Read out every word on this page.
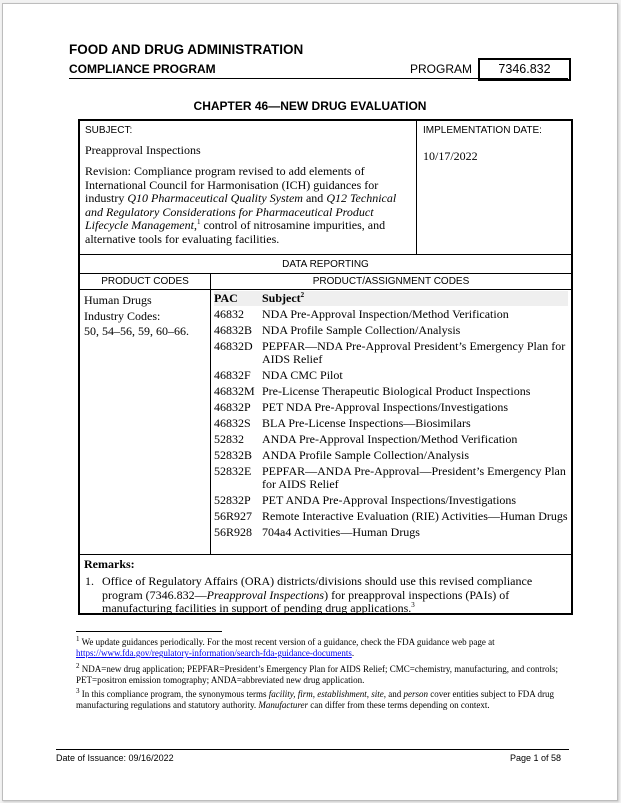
FOOD AND DRUG ADMINISTRATION
COMPLIANCE PROGRAM	PROGRAM	7346.832
CHAPTER 46—NEW DRUG EVALUATION
SUBJECT:
Preapproval Inspections
Revision: Compliance program revised to add elements of International Council for Harmonisation (ICH) guidances for industry Q10 Pharmaceutical Quality System and Q12 Technical and Regulatory Considerations for Pharmaceutical Product Lifecycle Management,$^1$ control of nitrosamine impurities, and alternative tools for evaluating facilities.
IMPLEMENTATION DATE:
10/17/2022
DATA REPORTING
PRODUCT CODES	PRODUCT/ASSIGNMENT CODES
Human Drugs
Industry Codes:
50, 54–56, 59, 60–66.
PAC	Subject$^2$
46832	NDA Pre-Approval Inspection/Method Verification
46832B	NDA Profile Sample Collection/Analysis
46832D	PEPFAR—NDA Pre-Approval President’s Emergency Plan for AIDS Relief
46832F	NDA CMC Pilot
46832M	Pre-License Therapeutic Biological Product Inspections
46832P	PET NDA Pre-Approval Inspections/Investigations
46832S	BLA Pre-License Inspections—Biosimilars
52832	ANDA Pre-Approval Inspection/Method Verification
52832B	ANDA Profile Sample Collection/Analysis
52832E	PEPFAR—ANDA Pre-Approval—President’s Emergency Plan for AIDS Relief
52832P	PET ANDA Pre-Approval Inspections/Investigations
56R927	Remote Interactive Evaluation (RIE) Activities—Human Drugs
56R928	704a4 Activities—Human Drugs
Remarks:
1. Office of Regulatory Affairs (ORA) districts/divisions should use this revised compliance program (7346.832—Preapproval Inspections) for preapproval inspections (PAIs) of manufacturing facilities in support of pending drug applications.$^3$
$^1$ We update guidances periodically. For the most recent version of a guidance, check the FDA guidance web page at https://www.fda.gov/regulatory-information/search-fda-guidance-documents.
$^2$ NDA=new drug application; PEPFAR=President’s Emergency Plan for AIDS Relief; CMC=chemistry, manufacturing, and controls; PET=positron emission tomography; ANDA=abbreviated new drug application.
$^3$ In this compliance program, the synonymous terms facility, firm, establishment, site, and person cover entities subject to FDA drug manufacturing regulations and statutory authority. Manufacturer can differ from these terms depending on context.
Date of Issuance: 09/16/2022	Page 1 of 58
